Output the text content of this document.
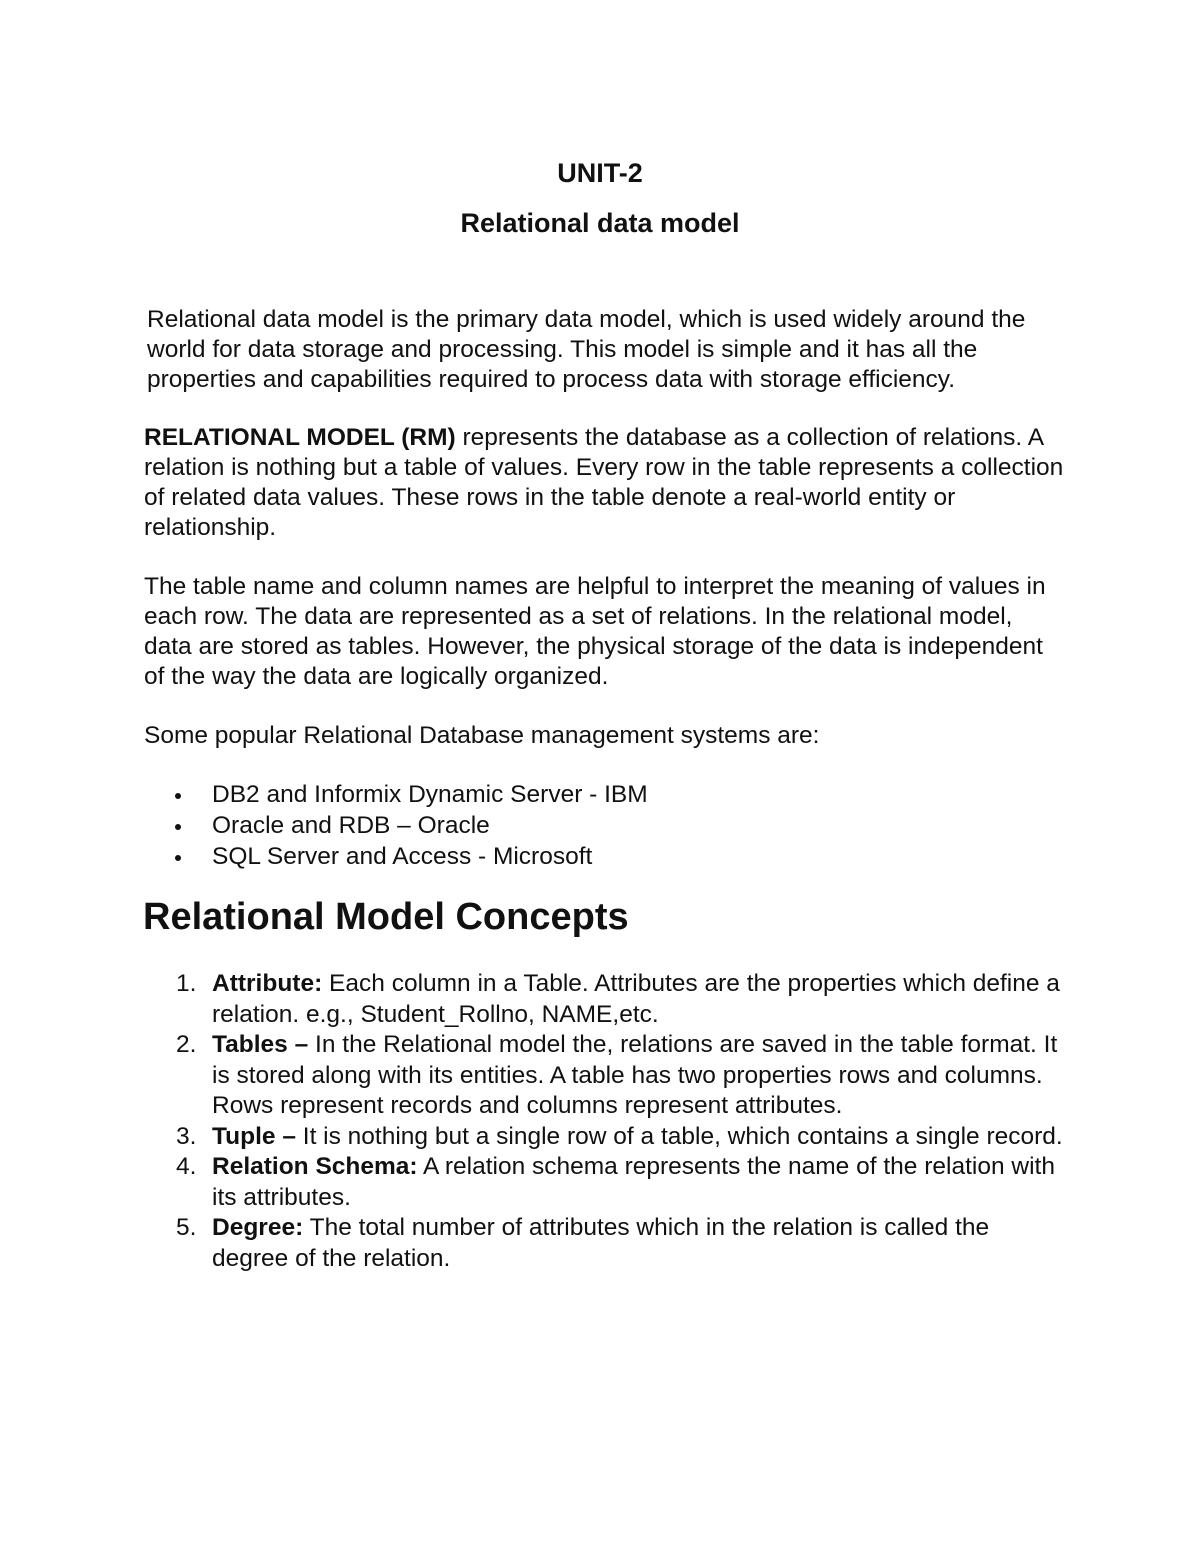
UNIT-2
Relational data model

Relational data model is the primary data model, which is used widely around the world for data storage and processing. This model is simple and it has all the properties and capabilities required to process data with storage efficiency.

RELATIONAL MODEL (RM) represents the database as a collection of relations. A relation is nothing but a table of values. Every row in the table represents a collection of related data values. These rows in the table denote a real-world entity or relationship.

The table name and column names are helpful to interpret the meaning of values in each row. The data are represented as a set of relations. In the relational model, data are stored as tables. However, the physical storage of the data is independent of the way the data are logically organized.

Some popular Relational Database management systems are:

DB2 and Informix Dynamic Server - IBM
Oracle and RDB – Oracle
SQL Server and Access - Microsoft
Relational Model Concepts
1. Attribute: Each column in a Table. Attributes are the properties which define a relation. e.g., Student_Rollno, NAME,etc.
2. Tables – In the Relational model the, relations are saved in the table format. It is stored along with its entities. A table has two properties rows and columns. Rows represent records and columns represent attributes.
3. Tuple – It is nothing but a single row of a table, which contains a single record.
4. Relation Schema: A relation schema represents the name of the relation with its attributes.
5. Degree: The total number of attributes which in the relation is called the degree of the relation.
